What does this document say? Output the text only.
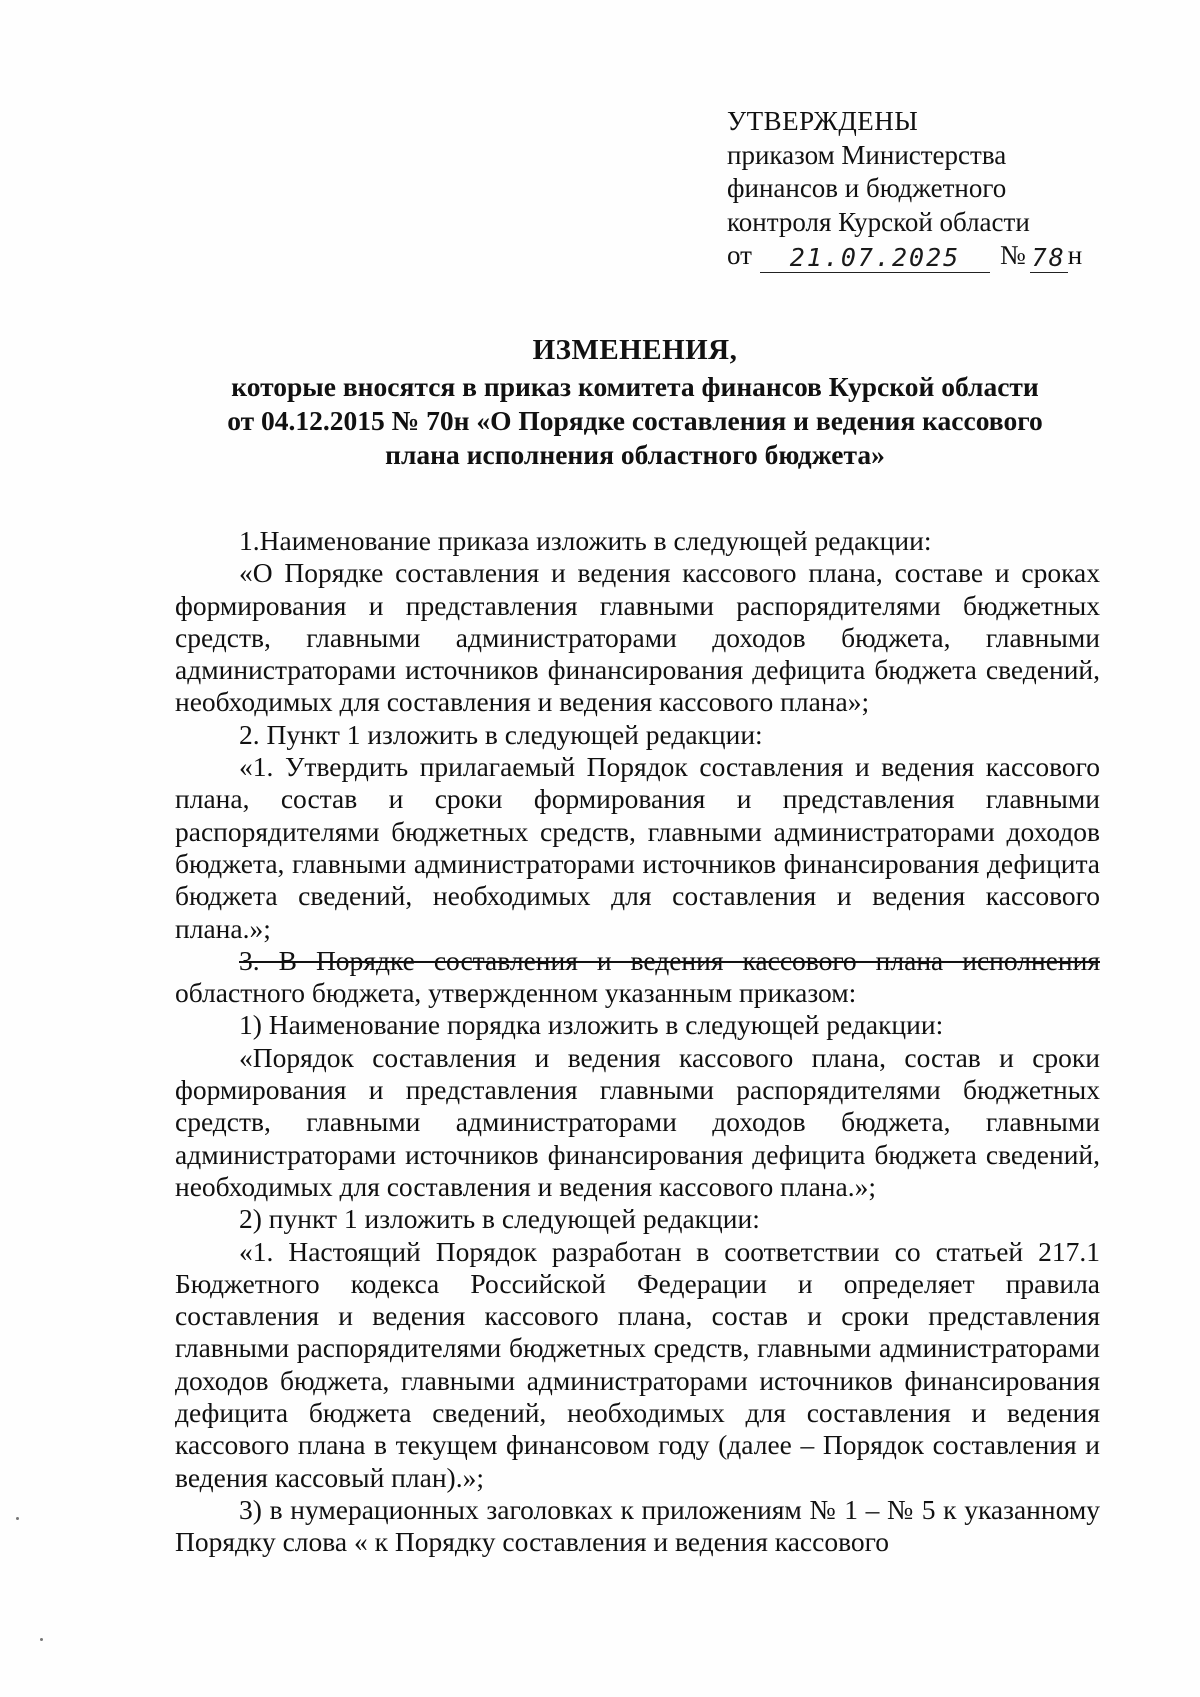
УТВЕРЖДЕНЫ
приказом Министерства
финансов и бюджетного
контроля Курской области
от	21.07.2025	№ 78 н
ИЗМЕНЕНИЯ,
которые вносятся в приказ комитета финансов Курской области
от 04.12.2015 № 70н «О Порядке составления и ведения кассового
плана исполнения областного бюджета»

1.Наименование приказа изложить в следующей редакции:

«О Порядке составления и ведения кассового плана, составе и сроках формирования и представления главными распорядителями бюджетных средств, главными администраторами доходов бюджета, главными администраторами источников финансирования дефицита бюджета сведений, необходимых для составления и ведения кассового плана»;

2. Пункт 1 изложить в следующей редакции:

«1. Утвердить прилагаемый Порядок составления и ведения кассового плана, состав и сроки формирования и представления главными распорядителями бюджетных средств, главными администраторами доходов бюджета, главными администраторами источников финансирования дефицита бюджета сведений, необходимых для составления и ведения кассового плана.»;

3. В Порядке составления и ведения кассового плана исполнения областного бюджета, утвержденном указанным приказом:

1) Наименование порядка изложить в следующей редакции:

«Порядок составления и ведения кассового плана, состав и сроки формирования и представления главными распорядителями бюджетных средств, главными администраторами доходов бюджета, главными администраторами источников финансирования дефицита бюджета сведений, необходимых для составления и ведения кассового плана.»;

2) пункт 1 изложить в следующей редакции:

«1. Настоящий Порядок разработан в соответствии со статьей 217.1 Бюджетного кодекса Российской Федерации и определяет правила составления и ведения кассового плана, состав и сроки представления главными распорядителями бюджетных средств, главными администраторами доходов бюджета, главными администраторами источников финансирования дефицита бюджета сведений, необходимых для составления и ведения кассового плана в текущем финансовом году (далее – Порядок составления и ведения кассовый план).»;

3) в нумерационных заголовках к приложениям № 1 – № 5 к указанному Порядку слова « к Порядку составления и ведения кассового
